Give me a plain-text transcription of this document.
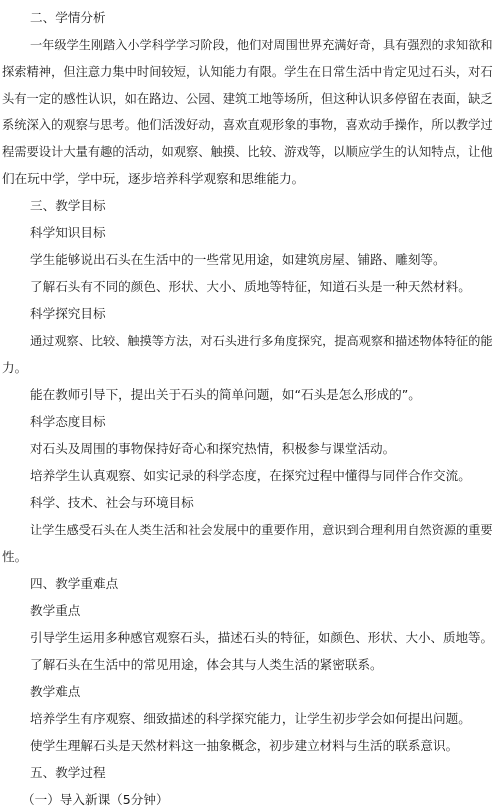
二、学情分析
一年级学生刚踏入小学科学学习阶段，他们对周围世界充满好奇，具有强烈的求知欲和
探索精神，但注意力集中时间较短，认知能力有限。学生在日常生活中肯定见过石头，对石
头有一定的感性认识，如在路边、公园、建筑工地等场所，但这种认识多停留在表面，缺乏
系统深入的观察与思考。他们活泼好动，喜欢直观形象的事物，喜欢动手操作，所以教学过
程需要设计大量有趣的活动，如观察、触摸、比较、游戏等，以顺应学生的认知特点，让他
们在玩中学，学中玩，逐步培养科学观察和思维能力。
三、教学目标
科学知识目标
学生能够说出石头在生活中的一些常见用途，如建筑房屋、铺路、雕刻等。
了解石头有不同的颜色、形状、大小、质地等特征，知道石头是一种天然材料。
科学探究目标
通过观察、比较、触摸等方法，对石头进行多角度探究，提高观察和描述物体特征的能
力。
能在教师引导下，提出关于石头的简单问题，如“石头是怎么形成的”。
科学态度目标
对石头及周围的事物保持好奇心和探究热情，积极参与课堂活动。
培养学生认真观察、如实记录的科学态度，在探究过程中懂得与同伴合作交流。
科学、技术、社会与环境目标
让学生感受石头在人类生活和社会发展中的重要作用，意识到合理利用自然资源的重要
性。
四、教学重难点
教学重点
引导学生运用多种感官观察石头，描述石头的特征，如颜色、形状、大小、质地等。
了解石头在生活中的常见用途，体会其与人类生活的紧密联系。
教学难点
培养学生有序观察、细致描述的科学探究能力，让学生初步学会如何提出问题。
使学生理解石头是天然材料这一抽象概念，初步建立材料与生活的联系意识。
五、教学过程
（一）导入新课（5分钟）
